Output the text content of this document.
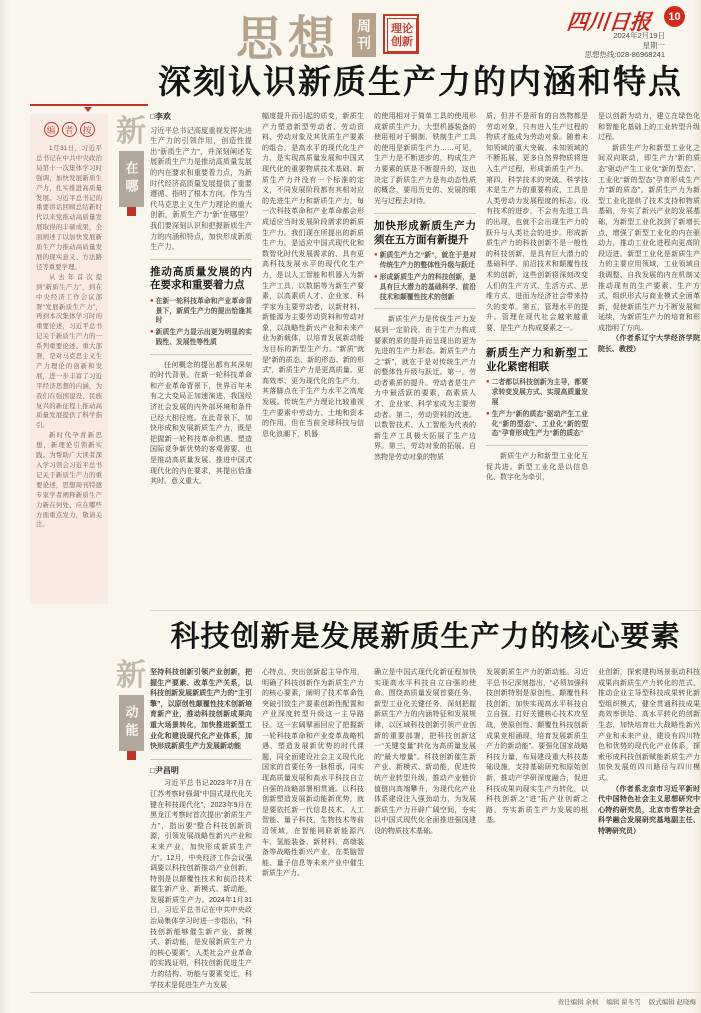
思想 周
刊
理论
创新
四川日报	10
2024年2月19日
星期一
思想热线:028-86968241
深刻认识新质生产力的内涵和特点
编	者	按

1月31日，习近平总书记在中共中央政治局第十一次集体学习时强调，加快发展新质生产力，扎实推进高质量发展。习近平总书记的重要讲话回顾总结新时代以来党推动高质量发展取得的丰硕成果，全面阐述了以加快发展新质生产力推动高质量发展的现实意义、方法路径等重要学理。

从去年首次提到“新质生产力”，到在中央经济工作会议部署“发展新质生产力”，再到本次集体学习时的重要论述，习近平总书记关于新质生产力的一系列重要论述、重大部署，是对马克思主义生产力理论的创新和发展，进一步丰富了习近平经济思想的内涵，为我们在强国建设、民族复兴的新征程上推动高质量发展提供了科学指引。

新时代孕育新思想，新理论引领新实践。为帮助广大读者深入学习领会习近平总书记关于新质生产力的重要论述，思想周刊特邀专家学者阐释新质生产力新在何处、应在哪些方面重点发力，敬请关注。

新
在哪

□李欢

习近平总书记高度重视发挥先进生产力的引领作用，创造性提出“新质生产力”，并深刻阐述发展新质生产力是推动高质量发展的内在要求和重要着力点，为新时代经济高质量发展提供了重要遵循、指明了根本方向。作为当代马克思主义生产力理论的重大创新，新质生产力“新”在哪里？我们要深刻认识和把握新质生产力的内涵和特点，加快形成新质生产力。

推动高质量发展的内在要求和重要着力点
● 在新一轮科技革命和产业革命背景下，新质生产力的提出恰逢其时
● 新质生产力显示出更为明显的实践性、发展性等性质

任何概念的提出都有其深刻的时代背景。在新一轮科技革命和产业革命背景下，世界百年未有之大变局正加速演进，我国经济社会发展的内外部环境和条件已经大相径庭。在此背景下，加快形成和发展新质生产力，既是把握新一轮科技革命机遇、塑造国际竞争新优势的客观需要，也是推动高质量发展、推进中国式现代化的内在要求，其提出恰逢其时、意义重大。

幅度提升而引起的质变，新质生产力塑造新型劳动者、劳动资料、劳动对象及其优质生产要素的组合，是高水平的现代化生产力，是实现高质量发展和中国式现代化的重要物质技术基础。新质生产力并没有一个标准的定义，不同发展阶段都有其相对应的先进生产力和新质生产力，每一次科技革命和产业革命都会形成适应当时发展阶段需求的新质生产力。我们现在所提出的新质生产力，是适应中国式现代化和数智化时代发展需求的、具有更高科技发展水平的现代化生产力，是以人工智能和机器人为新生产工具，以数据等为新生产要素，以高素质人才、企业家、科学家为主要劳动者，以新材料、新能源为主要劳动资料和劳动对象，以战略性新兴产业和未来产业为新载体，以培育发展新动能为目标的新型生产力。“新质”就是“新的质态、新的形态、新的形式”，新质生产力是更高质量、更高效率、更为现代化的生产力，其落脚点在于生产力水平之高度发展。传统生产力理论比较重视生产要素中劳动力、土地和资本的作用，但在当前全球科技与信息化浪潮下，机器

的使用相对于简单工具的使用形成新质生产力，大型机器装备的使用相对于铜制、铁制生产工具的使用是新质生产力……可见，生产力是不断进步的，构成生产力要素的质是不断提升的，这也决定了新质生产力是有动态性质的概念，要用历史的、发展的眼光与过程去对待。

加快形成新质生产力须在五方面有新提升
● 新质生产力之“新”，就在于是对传统生产力的整体性升级与跃迁
● 形成新质生产力的科技创新，是具有巨大潜力的基础科学、前沿技术和颠覆性技术的创新

新质生产力是传统生产力发展到一定阶段，由于生产力构成要素的质的提升而呈现出的更为先进的生产力形态。新质生产力之“新”，就在于是对传统生产力的整体性升级与跃迁。第一，劳动者素质的提升。劳动者是生产力中最活跃的要素，高素质人才、企业家、科学家成为主要劳动者。第二，劳动资料的改进。以数智技术、人工智能为代表的新生产工具极大拓展了生产边界。第三，劳动对象的拓展。自然物是劳动对象的物质

质，但并不是所有的自然物都是劳动对象，只有进入生产过程的物质才能成为劳动对象。随着未知领域的重大突破、未知领域的不断拓展，更多自然界物质将进入生产过程，形成新质生产力。第四，科学技术的突破。科学技术是生产力的重要构成，工具是人类劳动力发展程度的标志。没有技术的进步，不会有先进工具的出现，也就不会出现生产力的跃升与人类社会的进步。形成新质生产力的科技创新不是一般性的科技创新，是具有巨大潜力的基础科学、前沿技术和颠覆性技术的创新，这些创新将深刻改变人们的生产方式、生活方式、思维方式，进而为经济社会带来持久的变革。第五，管理水平的提升。管理在现代社会越来越重要，是生产力构成要素之一。

新质生产力和新型工业化紧密相联
● 二者都以科技创新为主导，都要求转变发展方式、实现高质量发展
● 生产力“新的质态”驱动产生工业化“新的型态”、工业化“新的型态”孕育形成生产力“新的质态”

新质生产力和新型工业化互促共进。新型工业化是以信息化、数字化为牵引，

是以创新为动力，建立在绿色化和智能化基础上的工业转型升级过程。

新质生产力和新型工业化之间双向联动，即生产力“新的质态”驱动产生工业化“新的型态”、工业化“新的型态”孕育形成生产力“新的质态”。新质生产力为新型工业化提供了技术支持和物质基础，夯实了新兴产业的发展基础，为新型工业化找到了新增长点，增强了新型工业化的内在驱动力，推动工业化进程向更高阶段迈进。新型工业化是新质生产力的主要应用领域，工业领域自我调整、自我发展的内在机制又推动现有的生产要素、生产方式、组织形式与商业模式全面革新，促使新质生产力不断发展和延续，为新质生产力的培育和形成指明了方向。

（作者系辽宁大学经济学院院长、教授）

科技创新是发展新质生产力的核心要素
新
动能

坚持科技创新引领产业创新，把握生产要素、改革生产关系，以科技创新发展新质生产力的“主引擎”，以原创性颠覆性技术创新培育新产业，推动科技创新成果向重大场景转化，加快推进新型工业化和建设现代化产业体系，加快形成新质生产力发展新动能

□尹昌明

习近平总书记2023年7月在江苏考察时强调“中国式现代化关键在科技现代化”，2023年9月在黑龙江考察时首次提出“新质生产力”，指出要“整合科技创新资源，引领发展战略性新兴产业和未来产业，加快形成新质生产力”。12月，中央经济工作会议强调要以科技创新推动产业创新，特别是以颠覆性技术和前沿技术催生新产业、新模式、新动能，发展新质生产力。2024年1月31日，习近平总书记在中共中央政治局集体学习时进一步指出，“科技创新能够催生新产业、新模式、新动能，是发展新质生产力的核心要素”。人类社会产业革命的实践证明，科技创新促进生产力的结构、功能与要素变迁，科学技术是促进生产力发展

心特点，突出创新起主导作用，明确了科技创新作为新质生产力的核心要素，阐明了技术革命性突破引致生产要素创新性配置和产业深度转型升级这一主导路径。这一宏阔擘画回应了把握新一轮科技革命和产业变革战略机遇、塑造发展新优势的时代课题，同全面建设社会主义现代化国家的首要任务一脉相承，同实现高质量发展和高水平科技自立自强的战略部署相贯通。以科技创新塑造发展新动能新优势，就是要依托新一代信息技术、人工智能、量子科技、生物技术等前沿领域，在智能网联新能源汽车、氢能装备、新材料、高端装备等战略性新兴产业，在类脑智能、量子信息等未来产业中催生新质生产力。

确立是中国式现代化新征程加快实现高水平科技自立自强的使命。围绕高质量发展首要任务、新型工业化关键任务，深刻把握新质生产力的内涵特征和发展规律，以区域科技创新引领产业创新的重要部署，把科技创新这一“关键变量”转化为高质量发展的“最大增量”。科技创新催生新产业、新模式、新动能，促进传统产业转型升级，推动产业链价值链向高端攀升，为现代化产业体系建设注入强劲动力，为发展新质生产力开辟广阔空间，夯实以中国式现代化全面推进强国建设的物质技术基础。

发展新质生产力的新动能。习近平总书记深刻指出，“必须加强科技创新特别是原创性、颠覆性科技创新，加快实现高水平科技自立自强，打好关键核心技术攻坚战，使原创性、颠覆性科技创新成果竞相涌现，培育发展新质生产力的新动能”。要强化国家战略科技力量，布局建设重大科技基础设施，支持基础研究和原始创新，推动产学研深度融合，促进科技成果向现实生产力转化，以科技创新之“进”拓产业创新之路，夯实新质生产力发展的根基。

业创新，探索建构场景驱动科技成果向新质生产力转化的范式，推动企业主导型科技成果转化新型组织模式，健全贯通科技成果高效率供给、高水平转化的创新生态，加快培育壮大战略性新兴产业和未来产业，建设有四川特色和优势的现代化产业体系，探索形成科技创新赋能新质生产力加快发展的四川路径与四川模式。

（作者系北京市习近平新时代中国特色社会主义思想研究中心特约研究员，北京市哲学社会科学融合发展研究基地副主任、特聘研究员）

责任编辑 余枫 编辑 翟冬雪 版式编辑 赵晓梅
